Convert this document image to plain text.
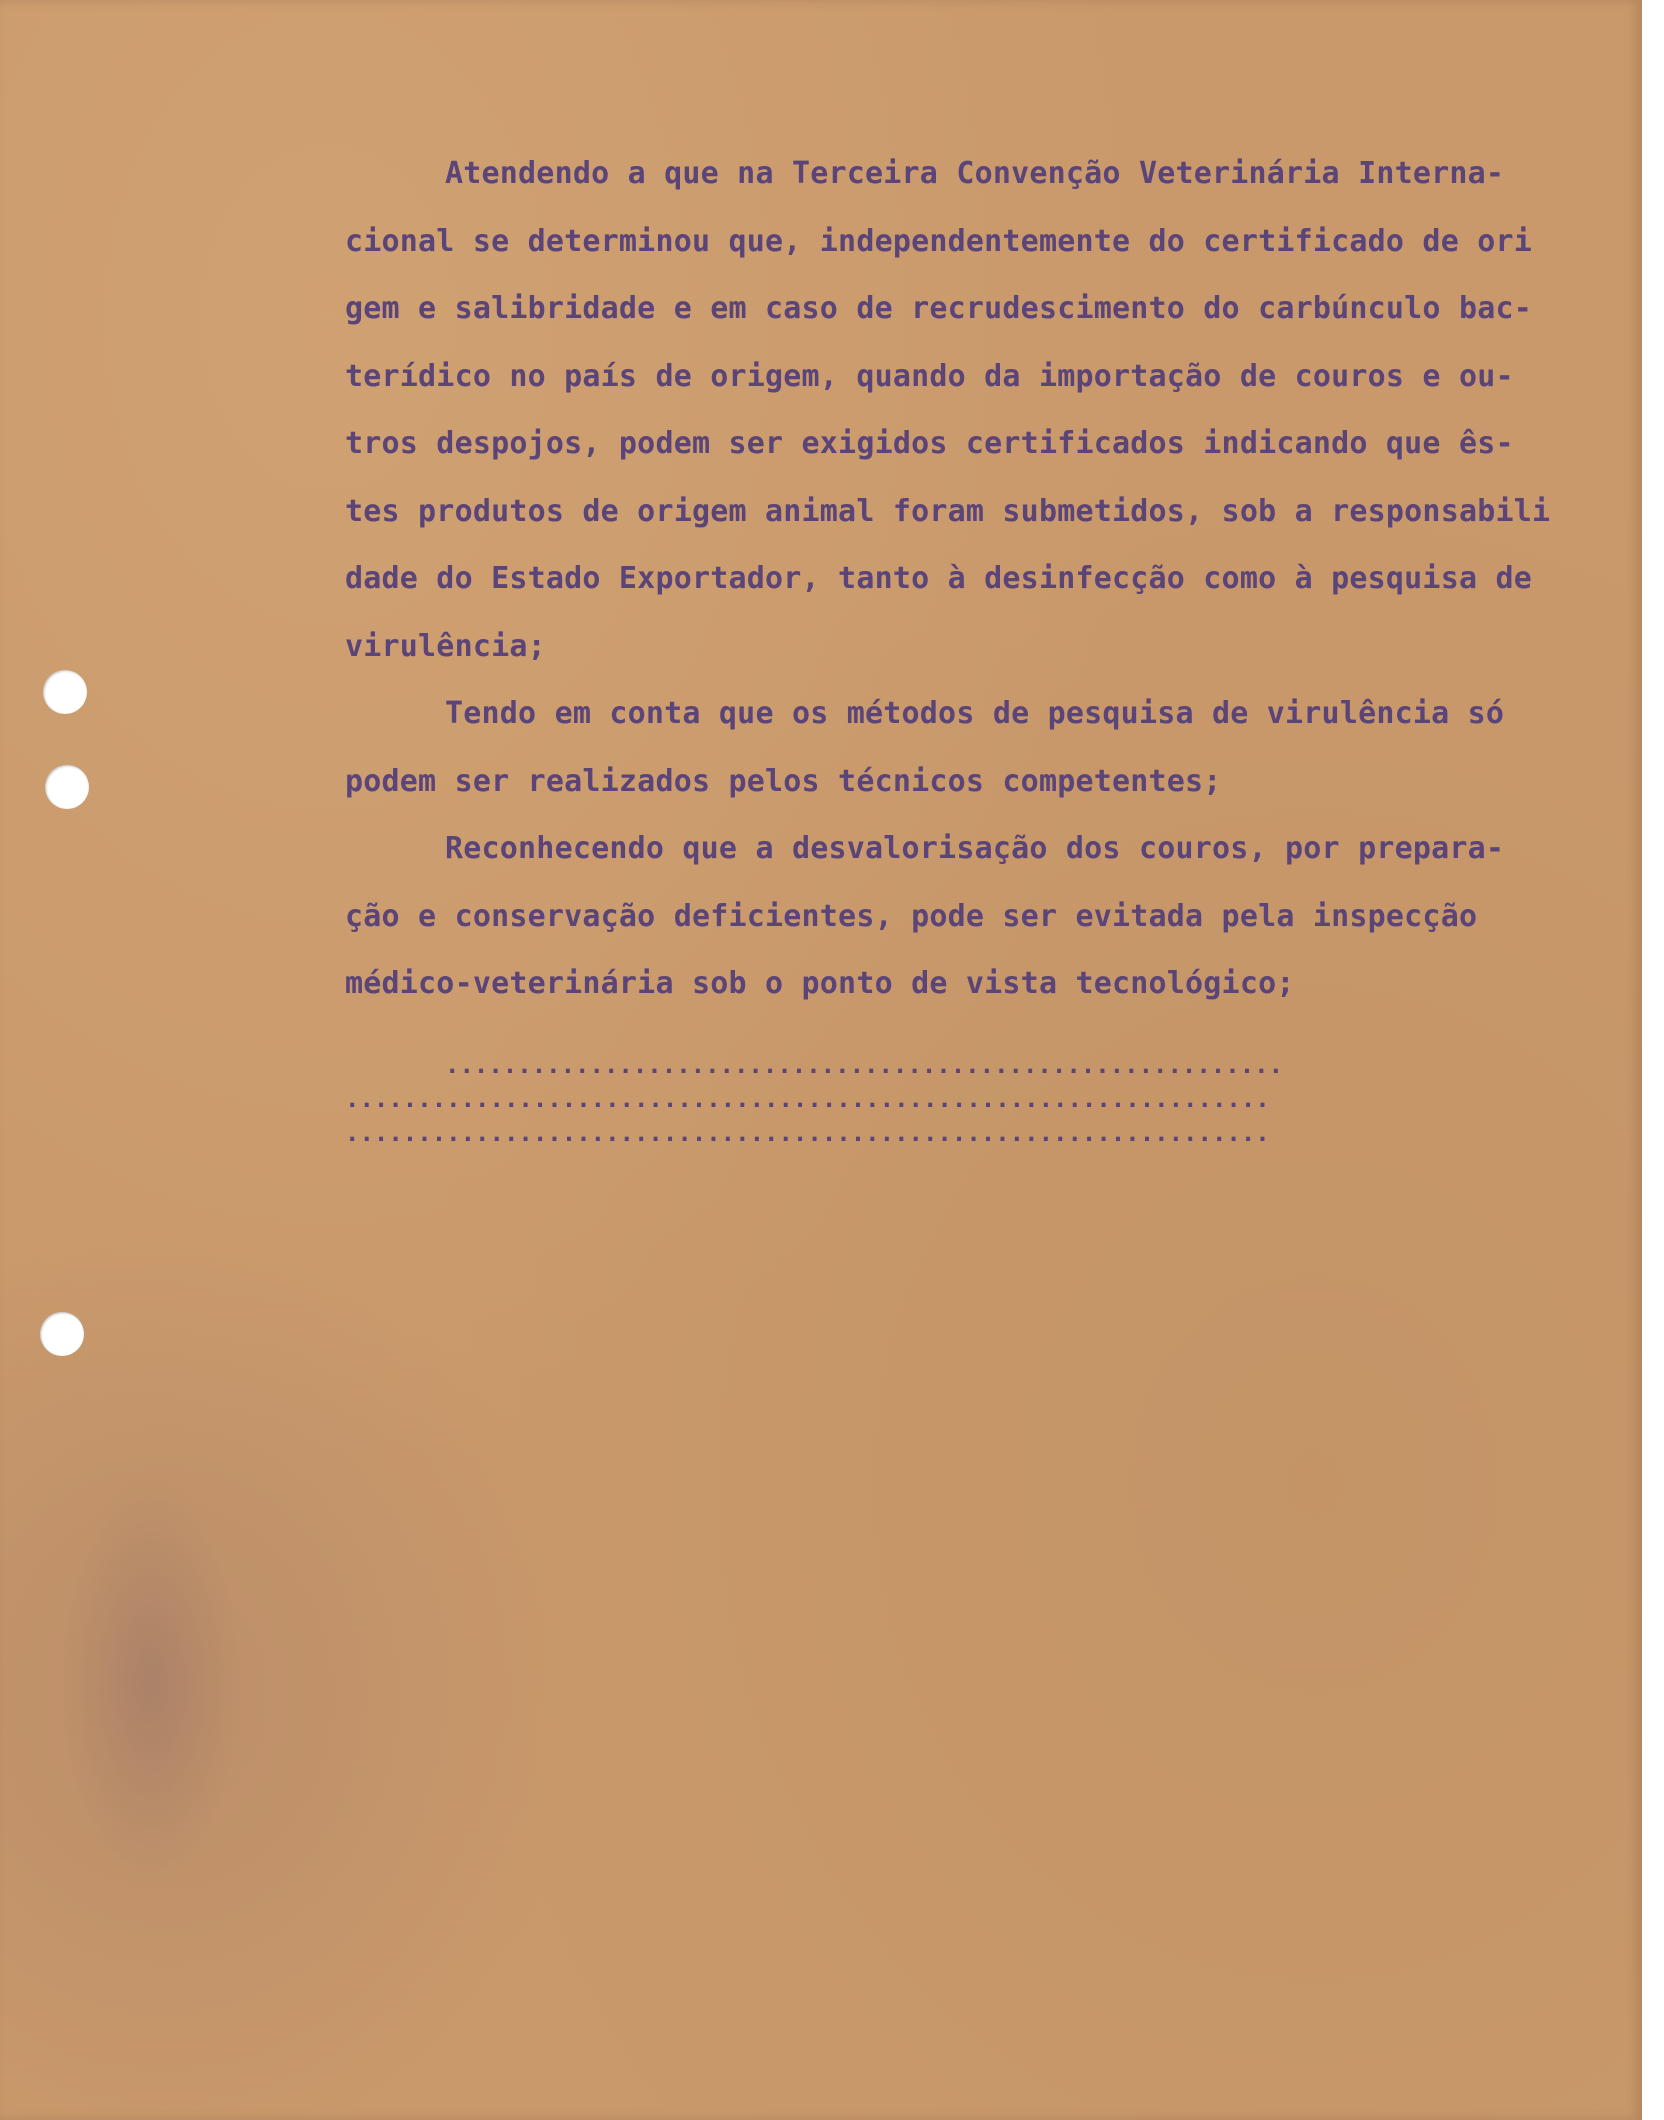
Atendendo a que na Terceira Convenção Veterinária Interna-
cional se determinou que, independentemente do certificado de ori
gem e salibridade e em caso de recrudescimento do carbúnculo bac-
terídico no país de origem, quando da importação de couros e ou-
tros despojos, podem ser exigidos certificados indicando que ês-
tes produtos de origem animal foram submetidos, sob a responsabili
dade do Estado Exportador, tanto à desinfecção como à pesquisa de
virulência;
Tendo em conta que os métodos de pesquisa de virulência só
podem ser realizados pelos técnicos competentes;
Reconhecendo que a desvalorisação dos couros, por prepara-
ção e conservação deficientes, pode ser evitada pela inspecção
médico-veterinária sob o ponto de vista tecnológico;
..........................................................
................................................................
................................................................
